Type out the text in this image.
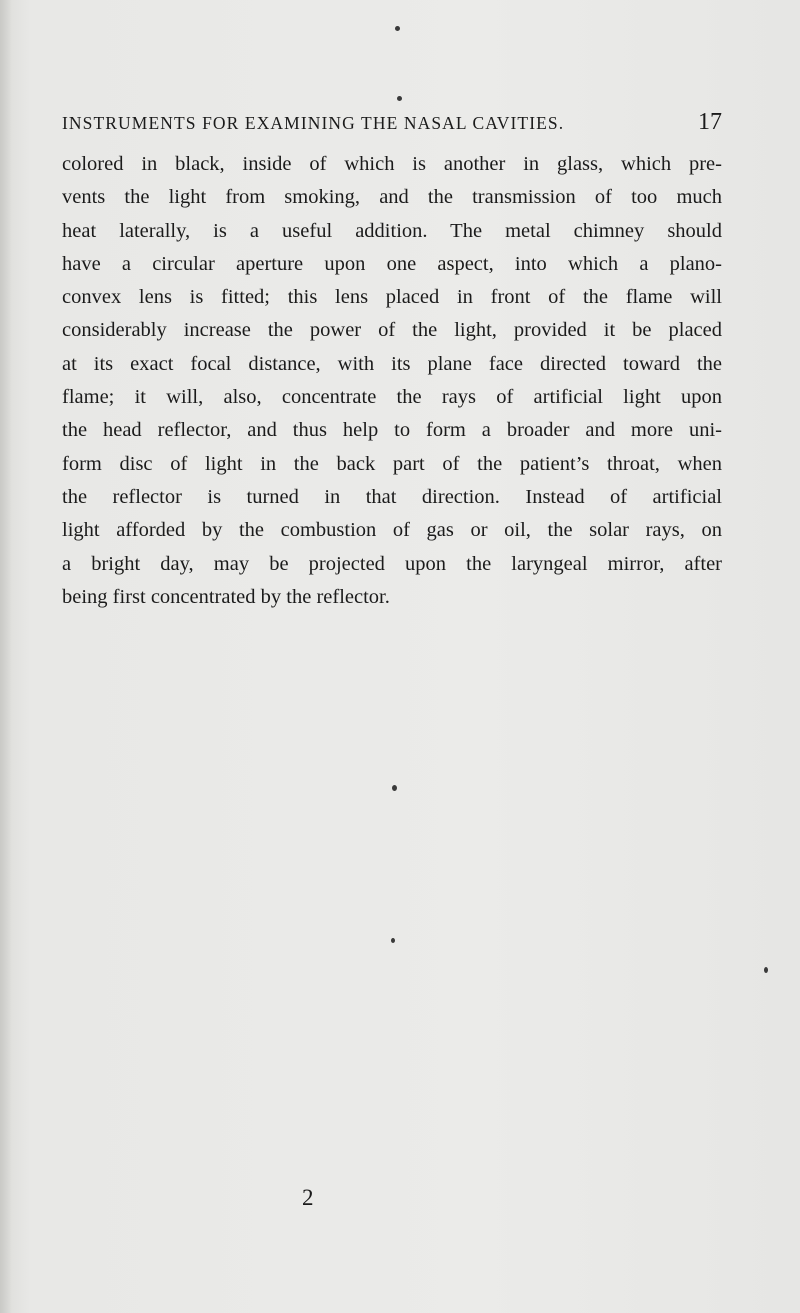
INSTRUMENTS FOR EXAMINING THE NASAL CAVITIES.	17
colored in black, inside of which is another in glass, which pre-
vents the light from smoking, and the transmission of too much
heat laterally, is a useful addition. The metal chimney should
have a circular aperture upon one aspect, into which a plano-
convex lens is fitted; this lens placed in front of the flame will
considerably increase the power of the light, provided it be placed
at its exact focal distance, with its plane face directed toward the
flame; it will, also, concentrate the rays of artificial light upon
the head reflector, and thus help to form a broader and more uni-
form disc of light in the back part of the patient’s throat, when
the reflector is turned in that direction. Instead of artificial
light afforded by the combustion of gas or oil, the solar rays, on
a bright day, may be projected upon the laryngeal mirror, after
being first concentrated by the reflector.
2
